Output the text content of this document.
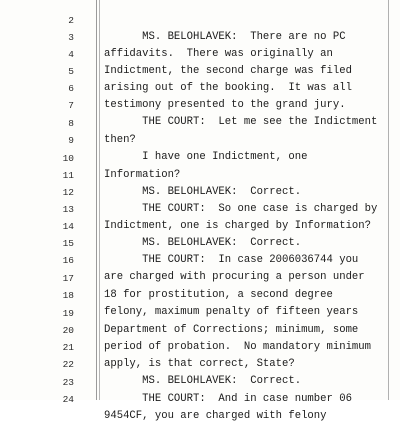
2

MS. BELOHLAVEK:  There are no PC

3

affidavits.  There was originally an

4

Indictment, the second charge was filed

5

arising out of the booking.  It was all

6

testimony presented to the grand jury.

7

THE COURT:  Let me see the Indictment

8

then?

9

I have one Indictment, one

10

Information?

11

MS. BELOHLAVEK:  Correct.

12

THE COURT:  So one case is charged by

13

Indictment, one is charged by Information?

14

MS. BELOHLAVEK:  Correct.

15

THE COURT:  In case 2006036744 you

16

are charged with procuring a person under

17

18 for prostitution, a second degree

18

felony, maximum penalty of fifteen years

19

Department of Corrections; minimum, some

20

period of probation.  No mandatory minimum

21

apply, is that correct, State?

22

MS. BELOHLAVEK:  Correct.

23

THE COURT:  And in case number 06

24

9454CF, you are charged with felony
